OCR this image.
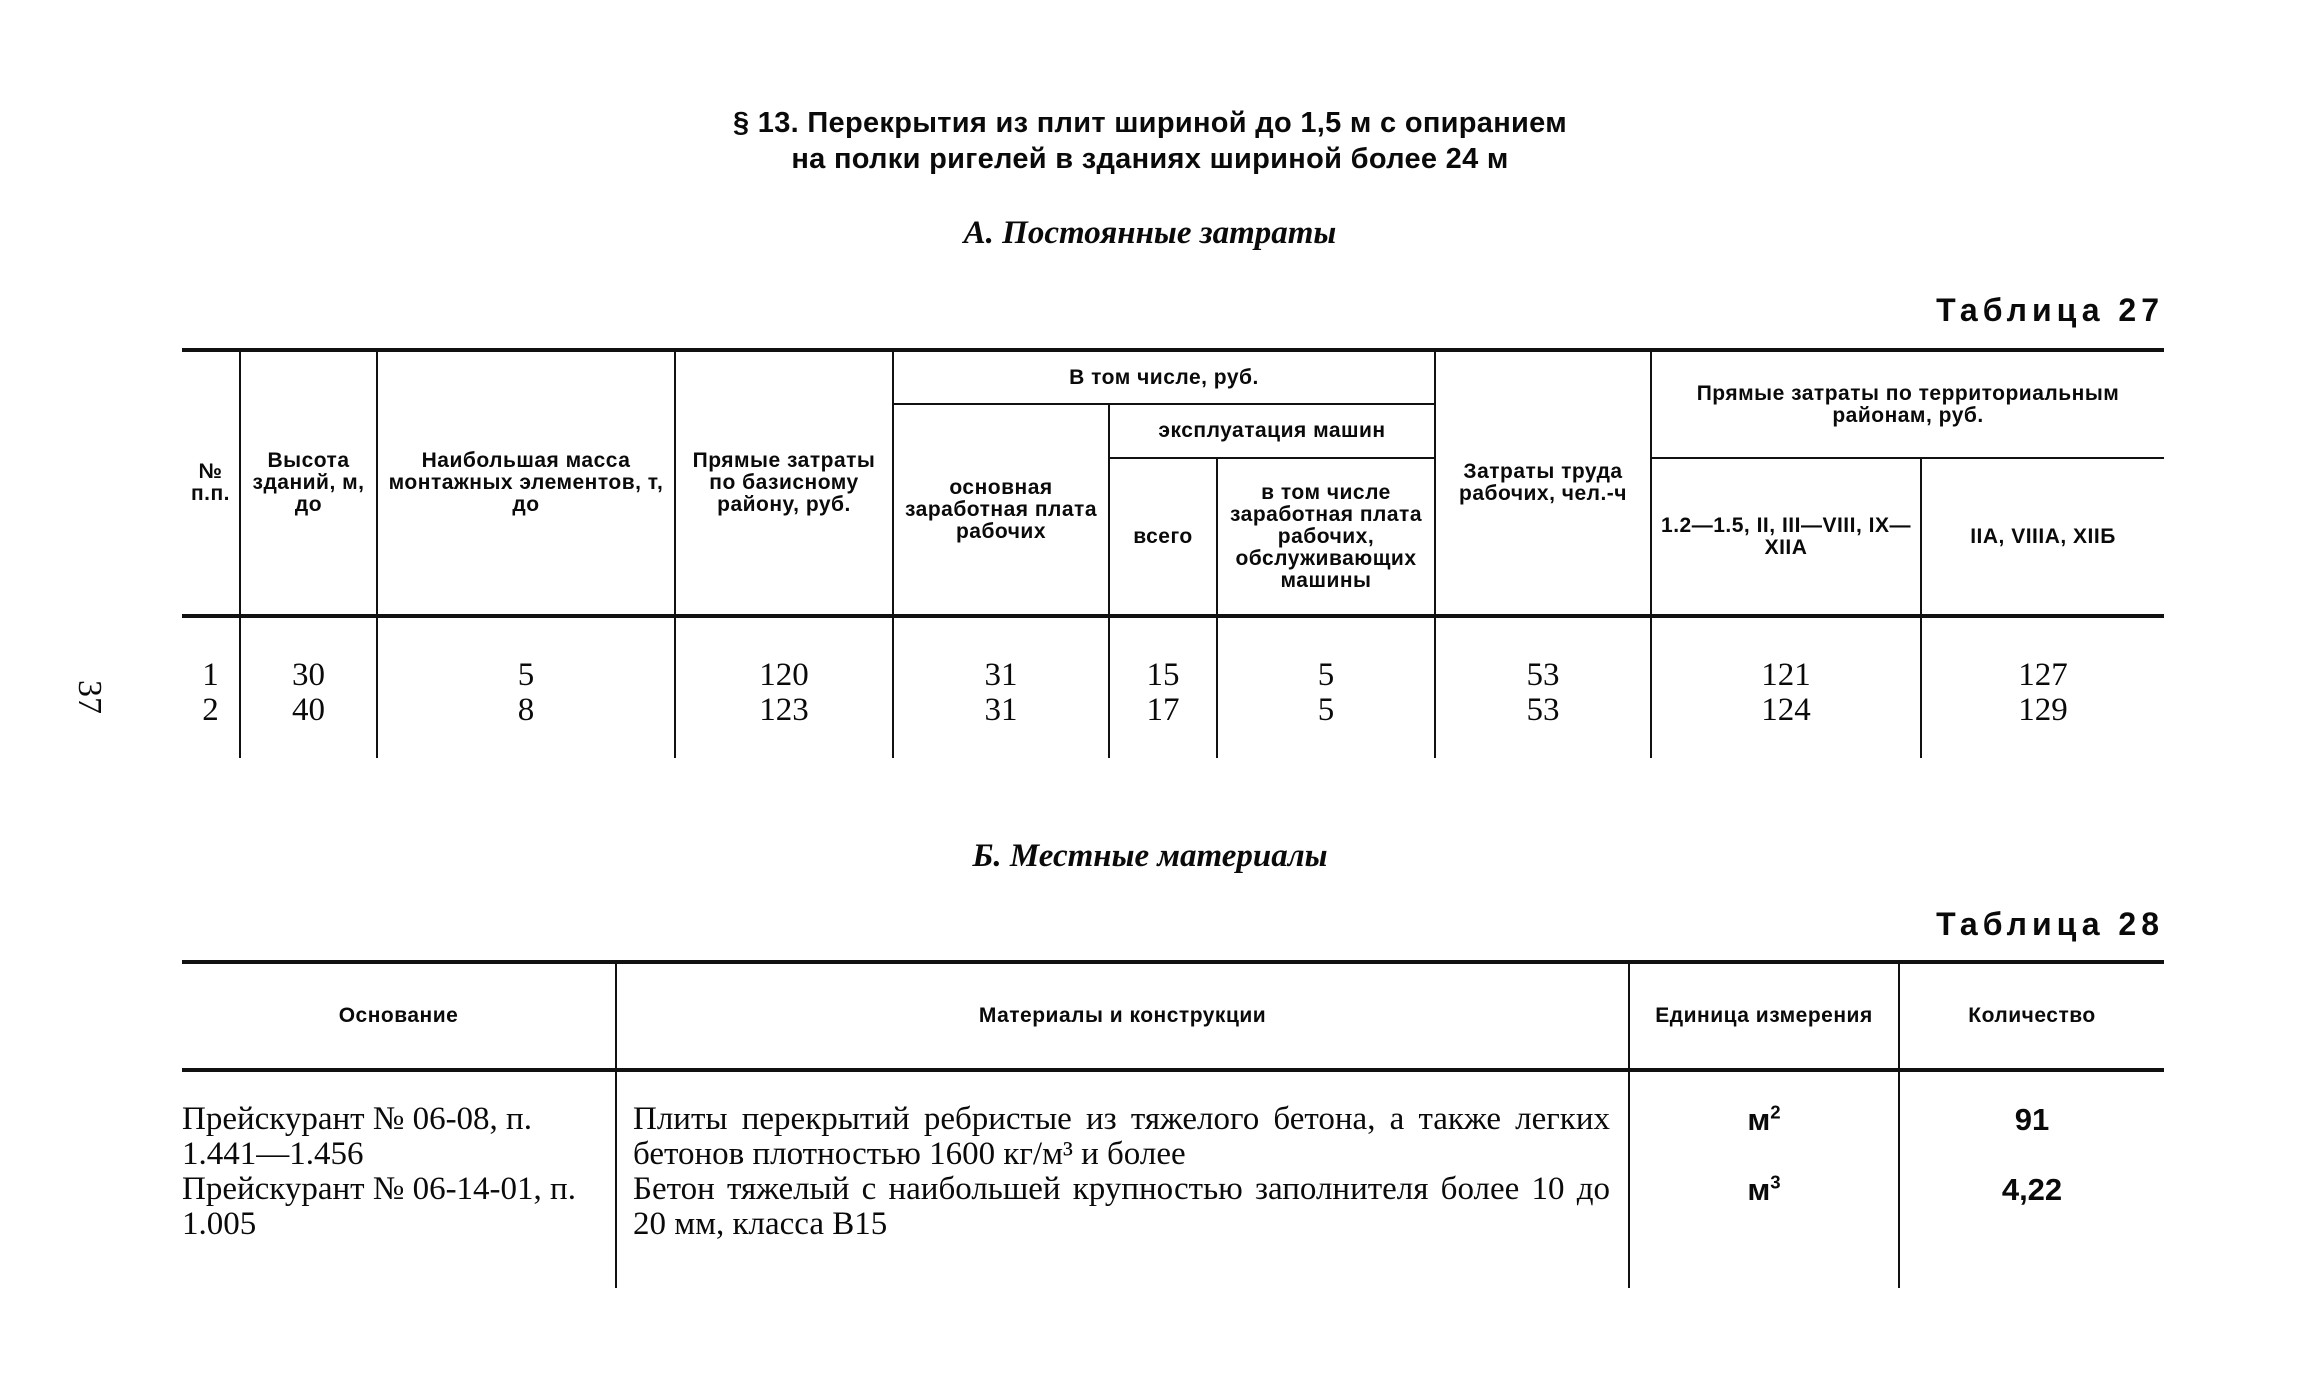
§ 13. Перекрытия из плит шириной до 1,5 м с опиранием
на полки ригелей в зданиях шириной более 24 м
А. Постоянные затраты
Таблица 27
37
№ п.п.	Высота зданий, м, до	Наибольшая масса монтажных элементов, т, до	Прямые затраты по базисному району, руб.	В том числе, руб.			Затраты труда рабочих, чел.-ч	Прямые затраты по территориальным районам, руб.	
				основная заработная плата рабочих	эксплуатация машин				
					всего	в том числе заработная плата рабочих, обслуживающих машины		1.2—1.5, II, III—VIII, IX—XIIА	IIА, VIIIА, XIIБ
1	30	5	120	31	15	5	53	121	127
2	40	8	123	31	17	5	53	124	129
Б. Местные материалы
Таблица 28
Основание	Материалы и конструкции	Единица измерения	Количество
Прейскурант № 06-08, п. 1.441—1.456	Плиты перекрытий ребристые из тяжелого бетона, а также легких бетонов плотностью 1600 кг/м³ и более	$м^2$	91
Прейскурант № 06-14-01, п. 1.005	Бетон тяжелый с наибольшей крупностью заполнителя более 10 до 20 мм, класса В15	$м^3$	4,22
